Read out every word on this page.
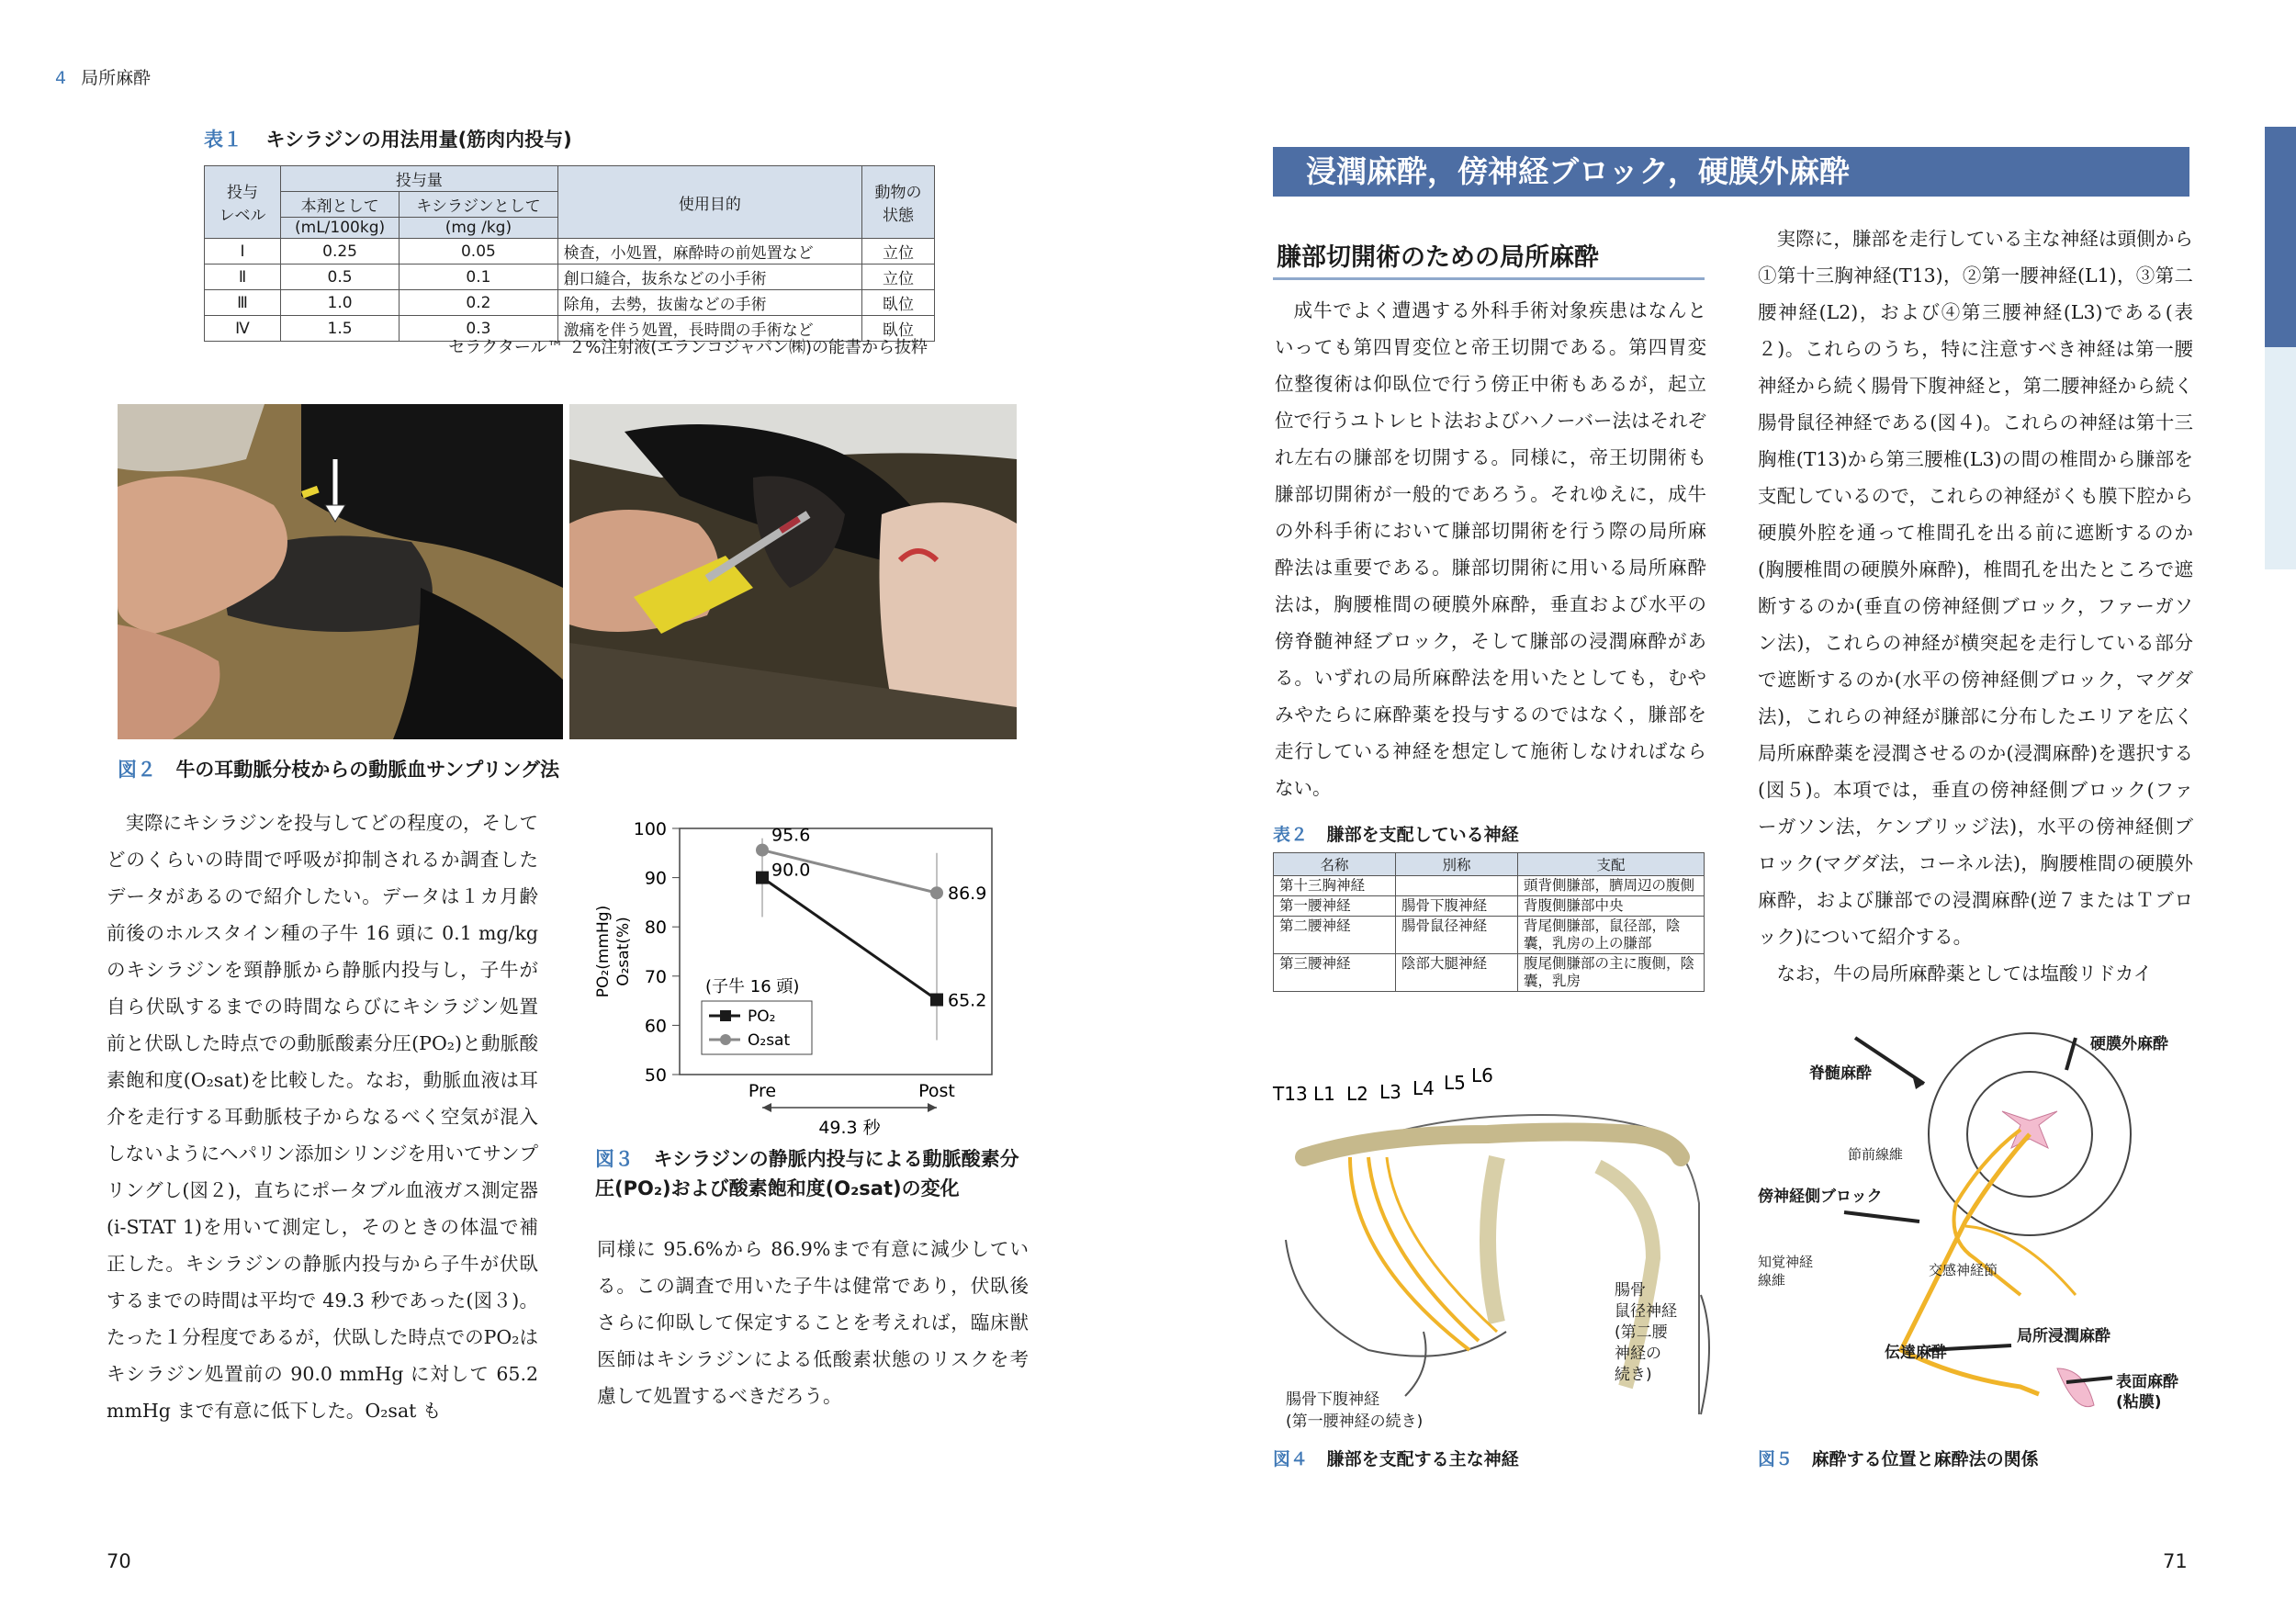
4 局所麻酔
表１ キシラジンの用法用量(筋肉内投与)
投与
レベル	投与量		使用目的	動物の
状態
	本剤として	キシラジンとして		
	(mL/100kg)	(mg /kg)		
Ⅰ	0.25	0.05	検査，小処置，麻酔時の前処置など	立位
Ⅱ	0.5	0.1	創口縫合，抜糸などの小手術	立位
Ⅲ	1.0	0.2	除角，去勢，抜歯などの手術	臥位
Ⅳ	1.5	0.3	激痛を伴う処置，長時間の手術など	臥位
セラクタール™ ２%注射液(エランコジャパン㈱)の能書から抜粋
図２ 牛の耳動脈分枝からの動脈血サンプリング法

実際にキシラジンを投与してどの程度の，そしてどのくらいの時間で呼吸が抑制されるか調査したデータがあるので紹介したい。データは１カ月齢前後のホルスタイン種の子牛 16 頭に 0.1 mg/kgのキシラジンを頸静脈から静脈内投与し，子牛が自ら伏臥するまでの時間ならびにキシラジン処置前と伏臥した時点での動脈酸素分圧(PO₂)と動脈酸素飽和度(O₂sat)を比較した。なお，動脈血液は耳介を走行する耳動脈枝子からなるべく空気が混入しないようにヘパリン添加シリンジを用いてサンプリングし(図２)，直ちにポータブル血液ガス測定器(i-STAT 1)を用いて測定し，そのときの体温で補正した。キシラジンの静脈内投与から子牛が伏臥するまでの時間は平均で 49.3 秒であった(図３)。たった１分程度であるが，伏臥した時点でのPO₂はキシラジン処置前の 90.0 mmHg に対して 65.2 mmHg まで有意に低下した。O₂sat も

100
90
80
70
60
50
Pre	Post
PO₂(mmHg) O₂sat(%)
95.6
90.0
86.9
65.2
(子牛 16 頭)
PO₂
O₂sat
49.3 秒
図３ キシラジンの静脈内投与による動脈酸素分圧(PO₂)および酸素飽和度(O₂sat)の変化

同様に 95.6%から 86.9%まで有意に減少している。この調査で用いた子牛は健常であり，伏臥後さらに仰臥して保定することを考えれば，臨床獣医師はキシラジンによる低酸素状態のリスクを考慮して処置するべきだろう。

70
浸潤麻酔，傍神経ブロック，硬膜外麻酔
膁部切開術のための局所麻酔

成牛でよく遭遇する外科手術対象疾患はなんといっても第四胃変位と帝王切開である。第四胃変位整復術は仰臥位で行う傍正中術もあるが，起立位で行うユトレヒト法およびハノーバー法はそれぞれ左右の膁部を切開する。同様に，帝王切開術も膁部切開術が一般的であろう。それゆえに，成牛の外科手術において膁部切開術を行う際の局所麻酔法は重要である。膁部切開術に用いる局所麻酔法は，胸腰椎間の硬膜外麻酔，垂直および水平の傍脊髄神経ブロック，そして膁部の浸潤麻酔がある。いずれの局所麻酔法を用いたとしても，むやみやたらに麻酔薬を投与するのではなく，膁部を走行している神経を想定して施術しなければならない。

実際に，膁部を走行している主な神経は頭側から①第十三胸神経(T13)，②第一腰神経(L1)，③第二腰神経(L2)，および④第三腰神経(L3)である(表２)。これらのうち，特に注意すべき神経は第一腰神経から続く腸骨下腹神経と，第二腰神経から続く腸骨鼠径神経である(図４)。これらの神経は第十三胸椎(T13)から第三腰椎(L3)の間の椎間から膁部を支配しているので，これらの神経がくも膜下腔から硬膜外腔を通って椎間孔を出る前に遮断するのか(胸腰椎間の硬膜外麻酔)，椎間孔を出たところで遮断するのか(垂直の傍神経側ブロック，ファーガソン法)，これらの神経が横突起を走行している部分で遮断するのか(水平の傍神経側ブロック，マグダ法)，これらの神経が膁部に分布したエリアを広く局所麻酔薬を浸潤させるのか(浸潤麻酔)を選択する(図５)。本項では，垂直の傍神経側ブロック(ファーガソン法，ケンブリッジ法)，水平の傍神経側ブロック(マグダ法，コーネル法)，胸腰椎間の硬膜外麻酔，および膁部での浸潤麻酔(逆７またはＴブロック)について紹介する。

なお，牛の局所麻酔薬としては塩酸リドカイ

表２ 膁部を支配している神経
名称	別称	支配
第十三胸神経		頭背側膁部，臍周辺の腹側
第一腰神経	腸骨下腹神経	背腹側膁部中央
第二腰神経	腸骨鼠径神経	背尾側膁部，鼠径部，陰囊，乳房の上の膁部
第三腰神経	陰部大腿神経	腹尾側膁部の主に腹側，陰囊，乳房
T13 L1 L2 L3 L4 L5 L6
腸骨
鼠径神経
(第二腰
神経の
続き)
腸骨下腹神経
(第一腰神経の続き)
図４ 膁部を支配する主な神経
脊髄麻酔
硬膜外麻酔
節前線維
傍神経側ブロック
知覚神経
線維
交感神経節
局所浸潤麻酔
伝達麻酔
表面麻酔
(粘膜)
図５ 麻酔する位置と麻酔法の関係
71
